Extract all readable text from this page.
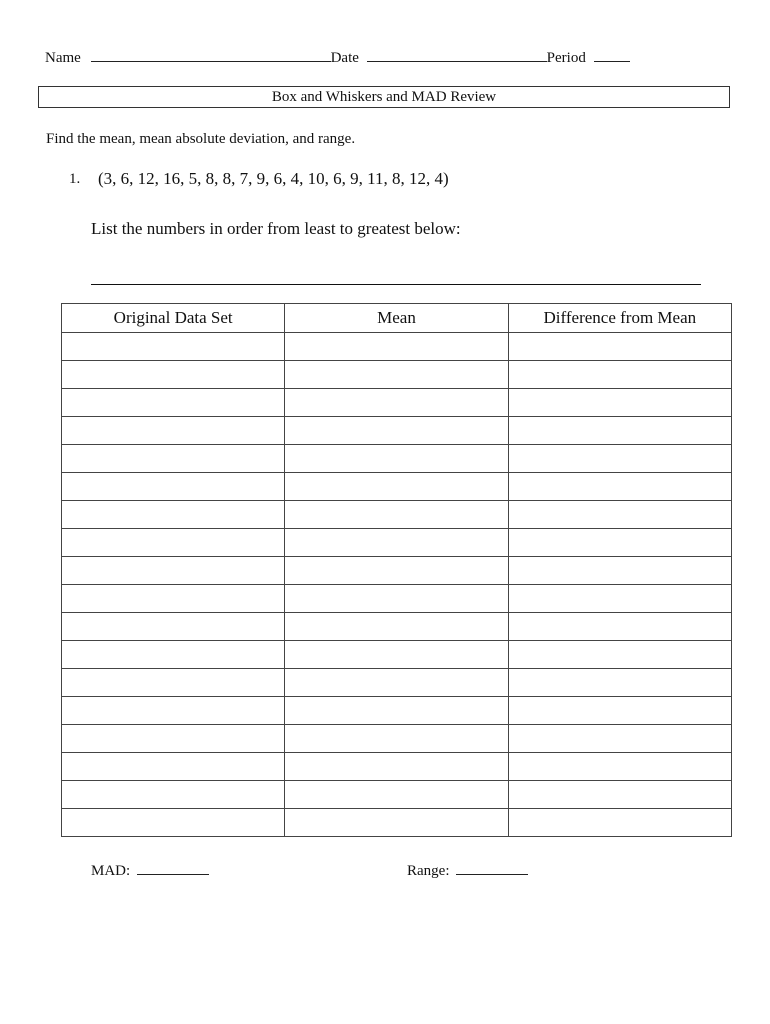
Name	Date	Period
Box and Whiskers and MAD Review
Find the mean, mean absolute deviation, and range.
1. (3, 6, 12, 16, 5, 8, 8, 7, 9, 6, 4, 10, 6, 9, 11, 8, 12, 4)
List the numbers in order from least to greatest below:
Original Data Set	Mean	Difference from Mean

MAD:	Range:
